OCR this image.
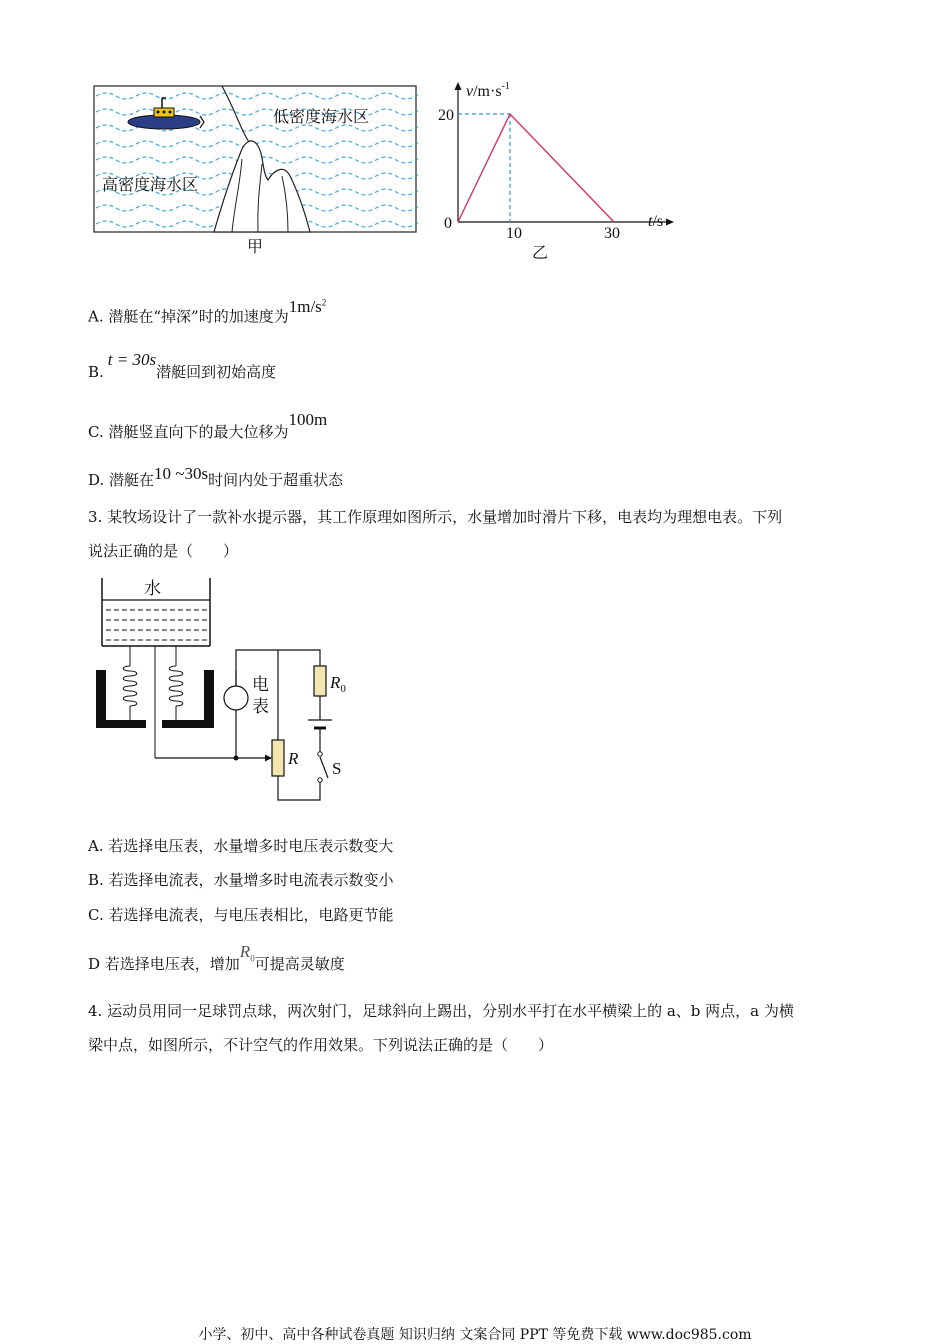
低密度海水区
高密度海水区
甲
$v/m\cdot s^{-1}$
t/s
0
20
10	30
乙
A. 潜艇在“掉深”时的加速度为$1m/s^2$
B.t = 30s潜艇回到初始高度
C. 潜艇竖直向下的最大位移为100m
D. 潜艇在10 ~30s时间内处于超重状态
3. 某牧场设计了一款补水提示器，其工作原理如图所示，水量增加时滑片下移，电表均为理想电表。下列
说法正确的是（　　）
水
电
表
$R_0$
S
R
A. 若选择电压表，水量增多时电压表示数变大
B. 若选择电流表，水量增多时电流表示数变小
C. 若选择电流表，与电压表相比，电路更节能
D 若选择电压表，增加$R_0$可提高灵敏度
4. 运动员用同一足球罚点球，两次射门，足球斜向上踢出，分别水平打在水平横梁上的 a、b 两点，a 为横
梁中点，如图所示，不计空气的作用效果。下列说法正确的是（　　）
小学、初中、高中各种试卷真题 知识归纳 文案合同 PPT 等免费下载 www.doc985.com
